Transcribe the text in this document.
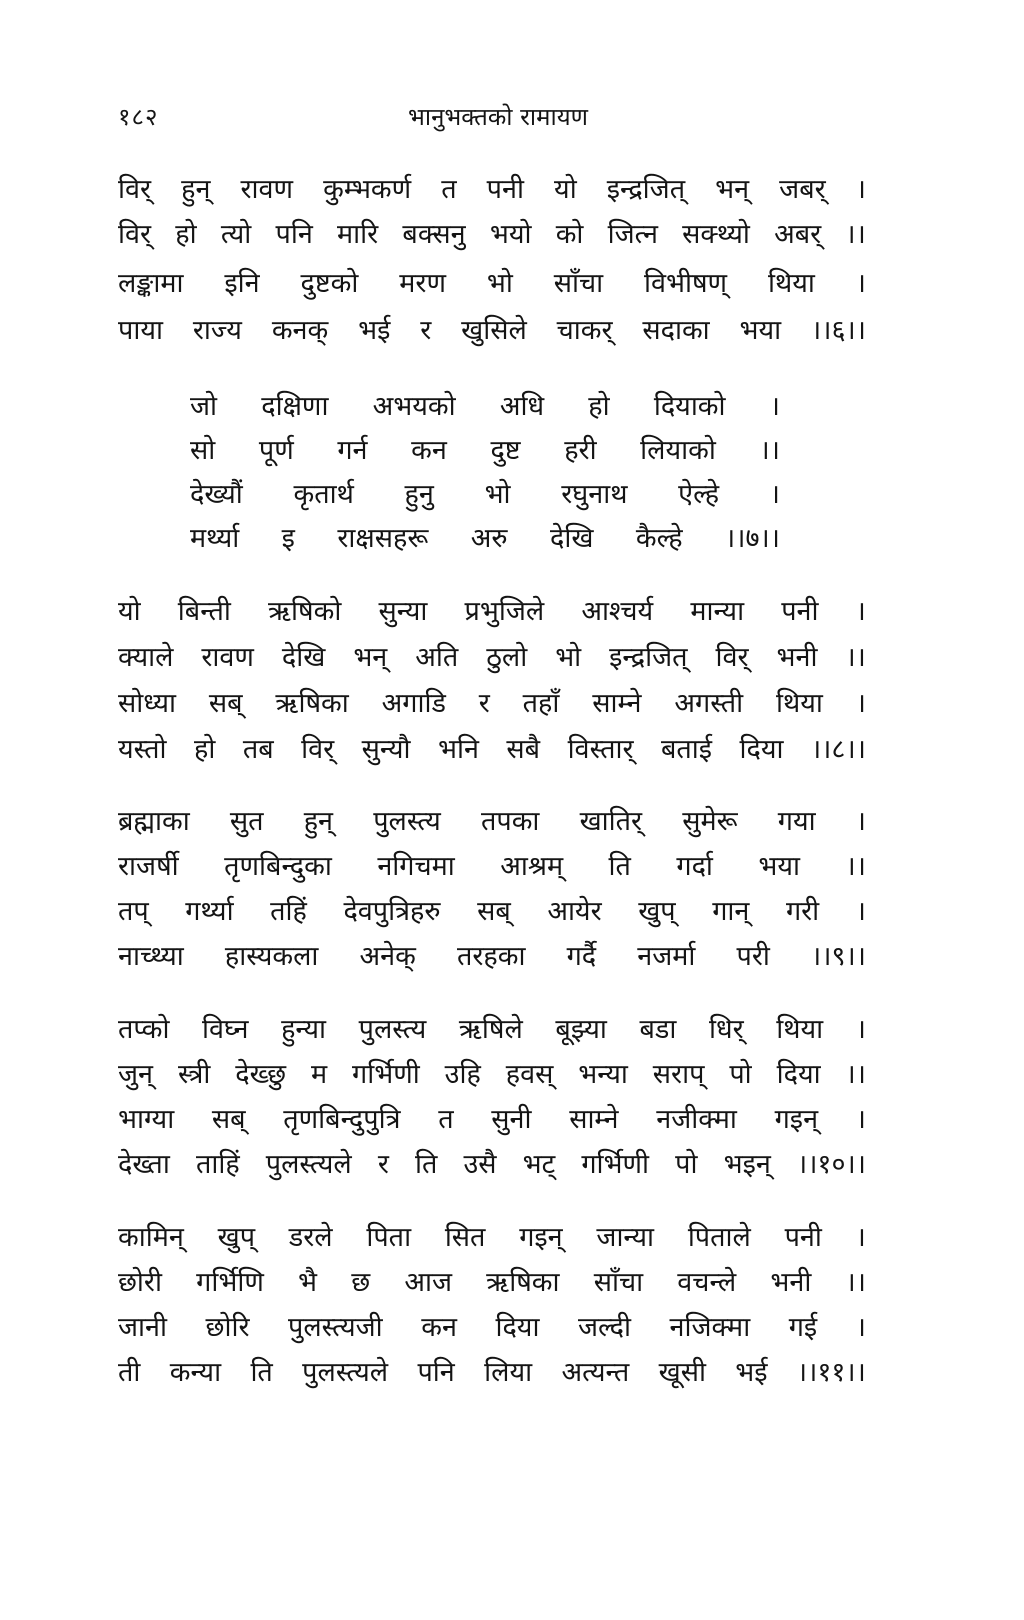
१८२	भानुभक्तको रामायण
विर् हुन् रावण कुम्भकर्ण त पनी यो इन्द्रजित् भन् जबर् ।
विर् हो त्यो पनि मारि बक्सनु भयो को जित्न सक्थ्यो अबर् ।।
लङ्कामा इनि दुष्टको मरण भो साँचा विभीषण् थिया ।
पाया राज्य कनक् भई र खुसिले चाकर् सदाका भया ।।६।।
जो दक्षिणा अभयको अधि हो दियाको ।
सो पूर्ण गर्न कन दुष्ट हरी लियाको ।।
देख्यौं कृतार्थ हुनु भो रघुनाथ ऐल्हे ।
मर्थ्या इ राक्षसहरू अरु देखि कैल्हे ।।७।।
यो बिन्ती ऋषिको सुन्या प्रभुजिले आश्चर्य मान्या पनी ।
क्याले रावण देखि भन् अति ठुलो भो इन्द्रजित् विर् भनी ।।
सोध्या सब् ऋषिका अगाडि र तहाँ साम्ने अगस्ती थिया ।
यस्तो हो तब विर् सुन्यौ भनि सबै विस्तार् बताई दिया ।।८।।
ब्रह्माका सुत हुन् पुलस्त्य तपका खातिर् सुमेरू गया ।
राजर्षी तृणबिन्दुका नगिचमा आश्रम् ति गर्दा भया ।।
तप् गर्थ्या तहिं देवपुत्रिहरु सब् आयेर खुप् गान् गरी ।
नाच्थ्या हास्यकला अनेक् तरहका गर्दै नजर्मा परी ।।९।।
तप्को विघ्न हुन्या पुलस्त्य ऋषिले बूझ्या बडा धिर् थिया ।
जुन् स्त्री देख्छु म गर्भिणी उहि हवस् भन्या सराप् पो दिया ।।
भाग्या सब् तृणबिन्दुपुत्रि त सुनी साम्ने नजीक्मा गइन् ।
देख्ता ताहिं पुलस्त्यले र ति उसै भट् गर्भिणी पो भइन् ।।१०।।
कामिन् खुप् डरले पिता सित गइन् जान्या पिताले पनी ।
छोरी गर्भिणि भै छ आज ऋषिका साँचा वचन्ले भनी ।।
जानी छोरि पुलस्त्यजी कन दिया जल्दी नजिक्मा गई ।
ती कन्या ति पुलस्त्यले पनि लिया अत्यन्त खूसी भई ।।११।।
